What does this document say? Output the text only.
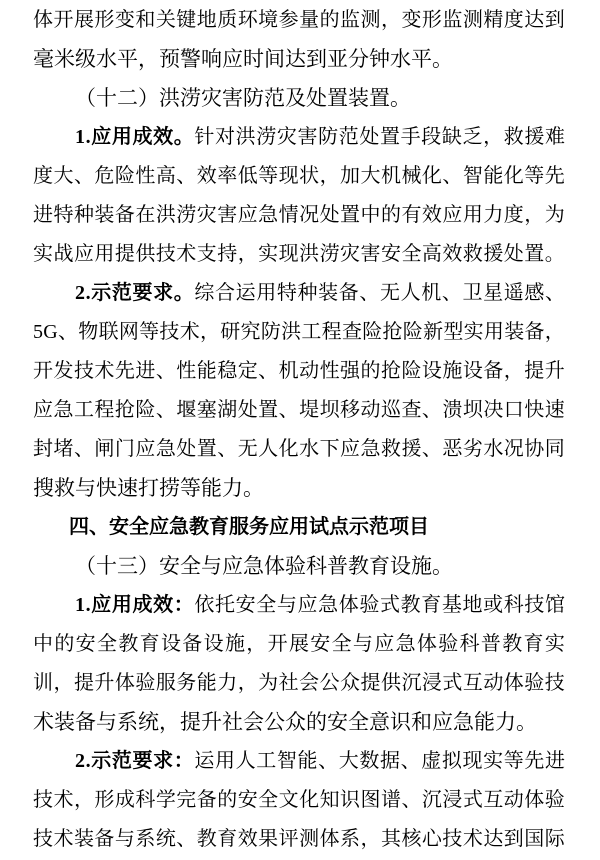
体 开 展 形 变 和 关 键 地 质 环 境 参 量 的 监 测 ， 变 形 监 测 精 度 达 到
毫米级水平，预警响应时间达到亚分钟水平。
（十二）洪涝灾害防范及处置装置。
1 . 应 用 成 效 。 针 对 洪 涝 灾 害 防 范 处 置 手 段 缺 乏 ， 救 援 难
度 大 、 危 险 性 高 、 效 率 低 等 现 状 ， 加 大 机 械 化 、 智 能 化 等 先
进 特 种 装 备 在 洪 涝 灾 害 应 急 情 况 处 置 中 的 有 效 应 用 力 度 ， 为
实 战 应 用 提 供 技 术 支 持 ， 实 现 洪 涝 灾 害 安 全 高 效 救 援 处 置 。
2 . 示 范 要 求 。 综 合 运 用 特 种 装 备 、 无 人 机 、 卫 星 遥 感 、
5 G 、 物 联 网 等 技 术 ， 研 究 防 洪 工 程 查 险 抢 险 新 型 实 用 装 备 ，
开 发 技 术 先 进 、 性 能 稳 定 、 机 动 性 强 的 抢 险 设 施 设 备 ， 提 升
应 急 工 程 抢 险 、 堰 塞 湖 处 置 、 堤 坝 移 动 巡 查 、 溃 坝 决 口 快 速
封 堵 、 闸 门 应 急 处 置 、 无 人 化 水 下 应 急 救 援 、 恶 劣 水 况 协 同
搜救与快速打捞等能力。
四、安全应急教育服务应用试点示范项目
（十三）安全与应急体验科普教育设施。
1 . 应 用 成 效 ： 依 托 安 全 与 应 急 体 验 式 教 育 基 地 或 科 技 馆
中 的 安 全 教 育 设 备 设 施 ， 开 展 安 全 与 应 急 体 验 科 普 教 育 实
训 ， 提 升 体 验 服 务 能 力 ， 为 社 会 公 众 提 供 沉 浸 式 互 动 体 验 技
术装备与系统，提升社会公众的安全意识和应急能力。
2 . 示 范 要 求 ： 运 用 人 工 智 能 、 大 数 据 、 虚 拟 现 实 等 先 进
技 术 ， 形 成 科 学 完 备 的 安 全 文 化 知 识 图 谱 、 沉 浸 式 互 动 体 验
技 术 装 备 与 系 统 、 教 育 效 果 评 测 体 系 ， 其 核 心 技 术 达 到 国 际
